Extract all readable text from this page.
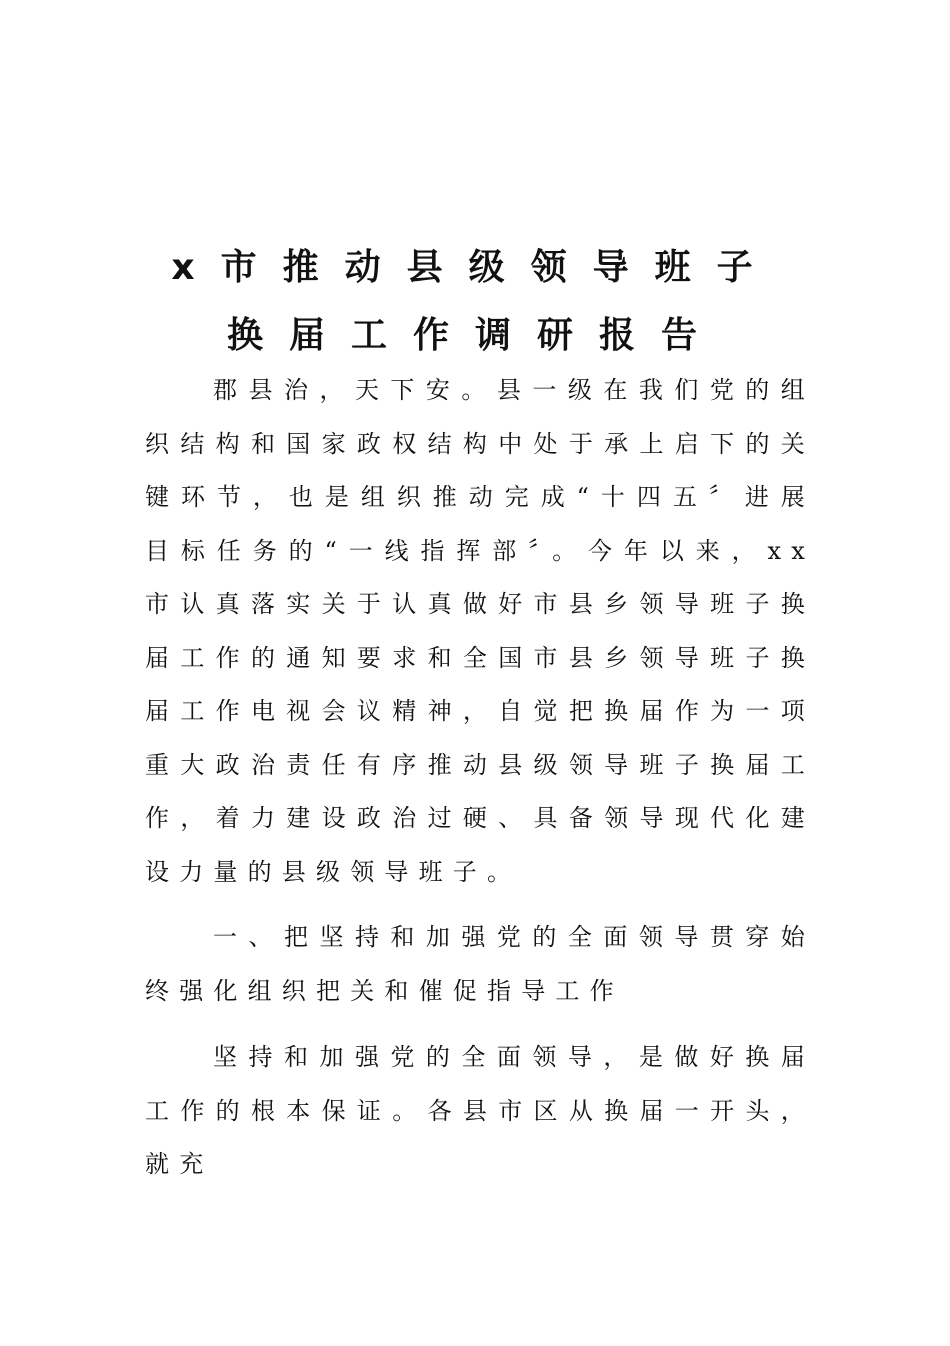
x市推动县级领导班子
换届工作调研报告

郡县治，天下安。县一级在我们党的组织结构和国家政权结构中处于承上启下的关键环节，也是组织推动完成“十四五〞进展目标任务的“一线指挥部〞。今年以来，xx市认真落实关于认真做好市县乡领导班子换届工作的通知要求和全国市县乡领导班子换届工作电视会议精神，自觉把换届作为一项重大政治责任有序推动县级领导班子换届工作，着力建设政治过硬、具备领导现代化建设力量的县级领导班子。

一、把坚持和加强党的全面领导贯穿始终强化组织把关和催促指导工作

坚持和加强党的全面领导，是做好换届工作的根本保证。各县市区从换届一开头，就充
